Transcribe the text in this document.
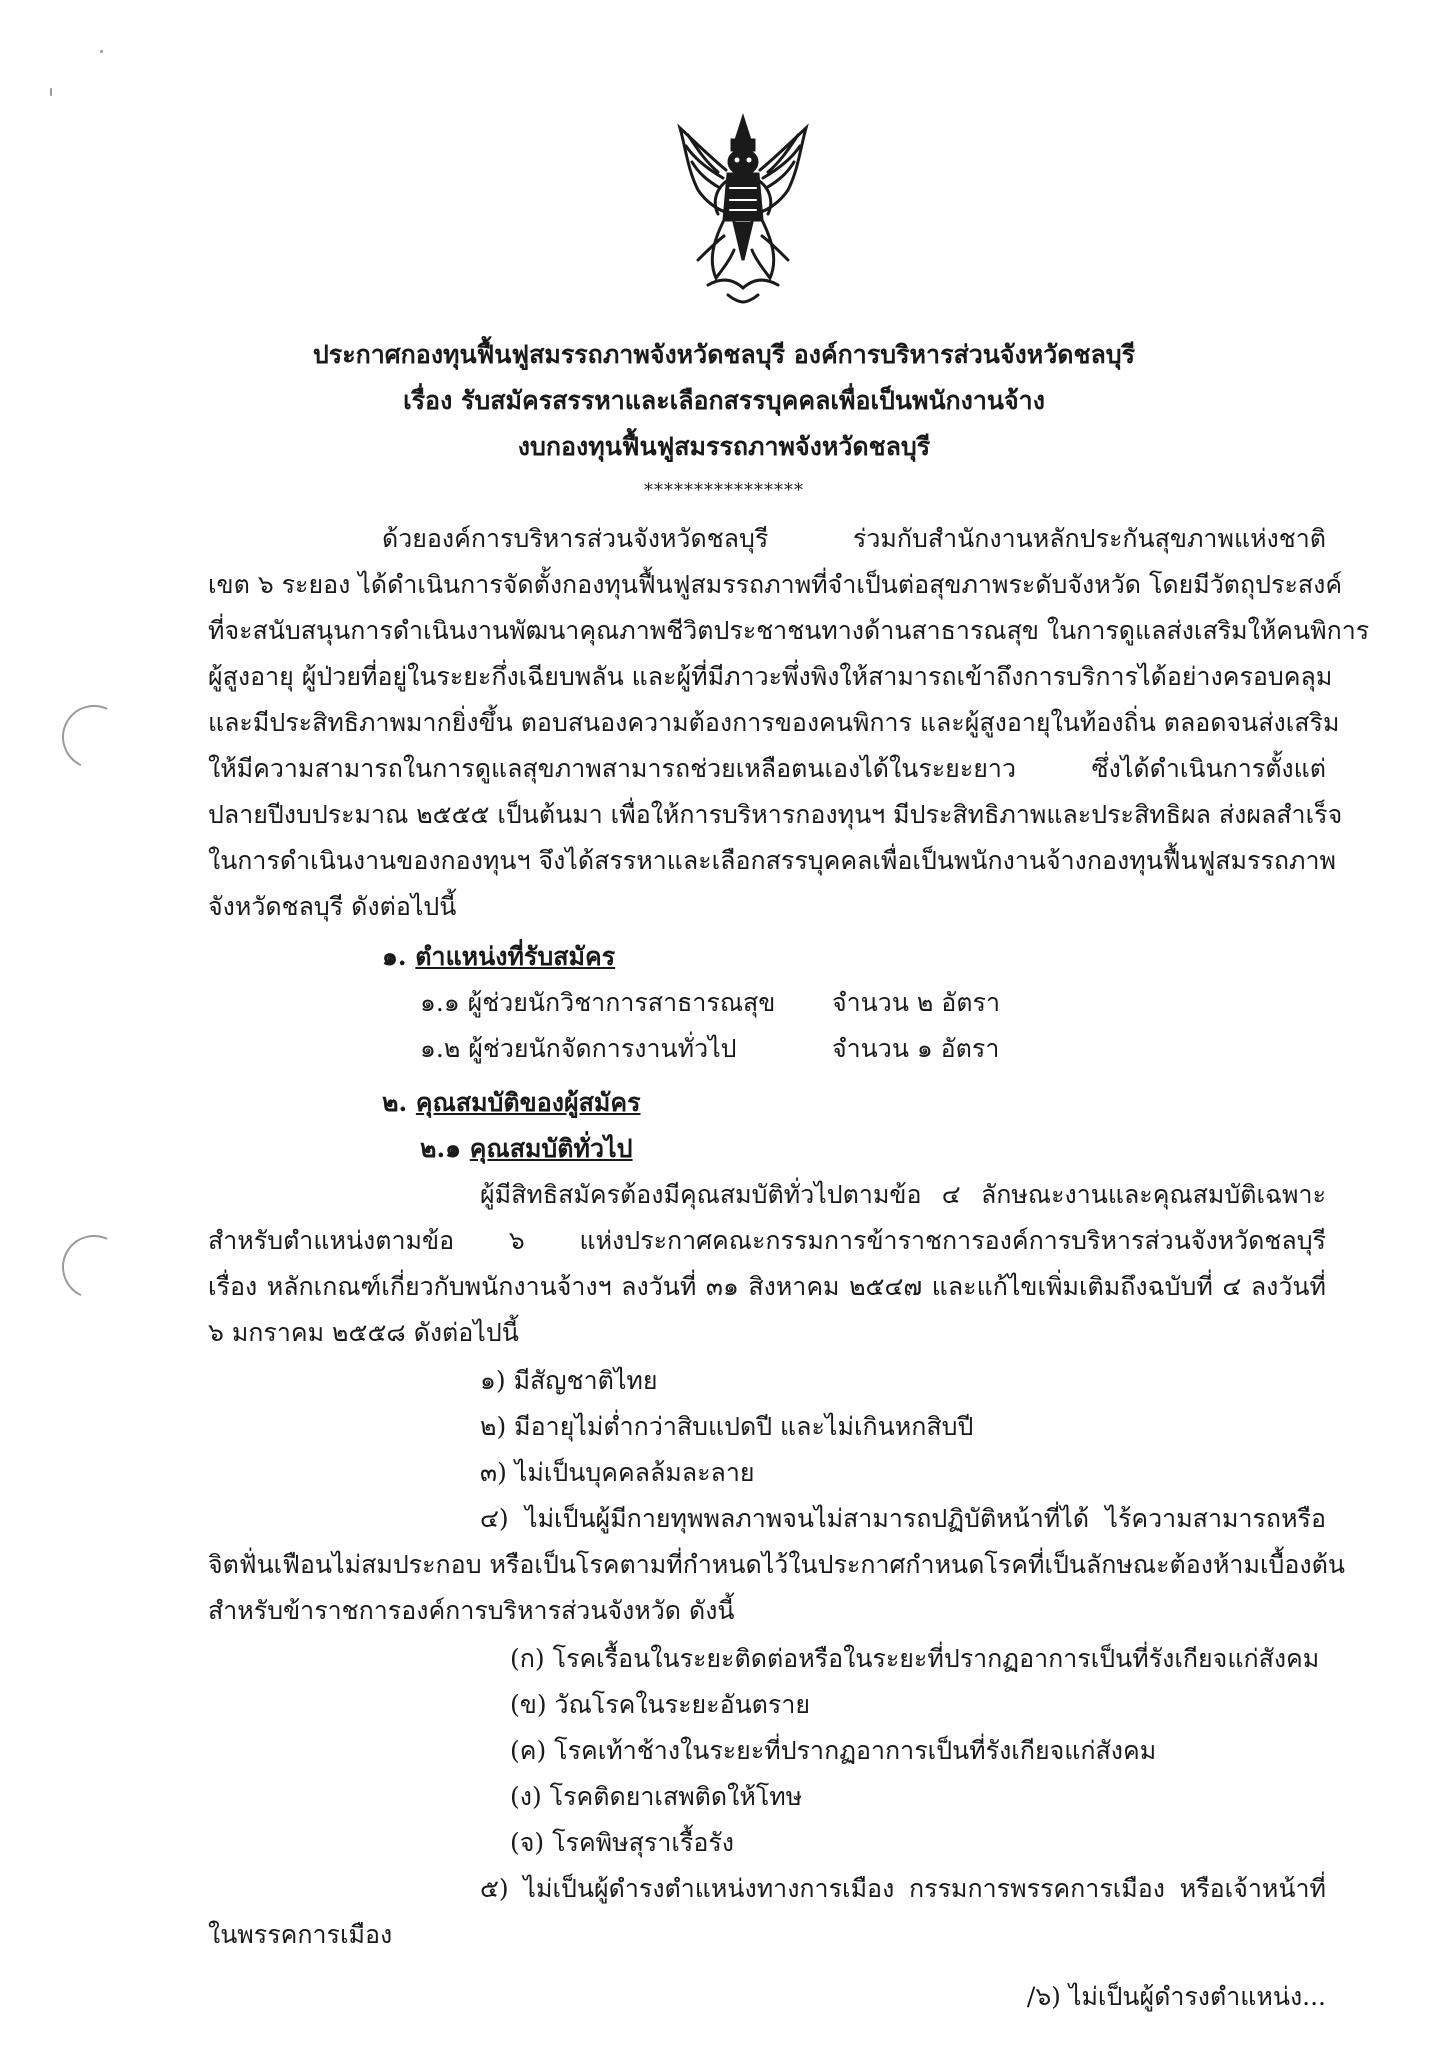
ประกาศกองทุนฟื้นฟูสมรรถภาพจังหวัดชลบุรี องค์การบริหารส่วนจังหวัดชลบุรี
เรื่อง รับสมัครสรรหาและเลือกสรรบุคคลเพื่อเป็นพนักงานจ้าง
งบกองทุนฟื้นฟูสมรรถภาพจังหวัดชลบุรี
****************
ด้วยองค์การบริหารส่วนจังหวัดชลบุรี ร่วมกับสำนักงานหลักประกันสุขภาพแห่งชาติ
เขต ๖ ระยอง ได้ดำเนินการจัดตั้งกองทุนฟื้นฟูสมรรถภาพที่จำเป็นต่อสุขภาพระดับจังหวัด โดยมีวัตถุประสงค์
ที่จะสนับสนุนการดำเนินงานพัฒนาคุณภาพชีวิตประชาชนทางด้านสาธารณสุข ในการดูแลส่งเสริมให้คนพิการ
ผู้สูงอายุ ผู้ป่วยที่อยู่ในระยะกึ่งเฉียบพลัน และผู้ที่มีภาวะพึ่งพิงให้สามารถเข้าถึงการบริการได้อย่างครอบคลุม
และมีประสิทธิภาพมากยิ่งขึ้น ตอบสนองความต้องการของคนพิการ และผู้สูงอายุในท้องถิ่น ตลอดจนส่งเสริม
ให้มีความสามารถในการดูแลสุขภาพสามารถช่วยเหลือตนเองได้ในระยะยาว ซึ่งได้ดำเนินการตั้งแต่
ปลายปีงบประมาณ ๒๕๕๕ เป็นต้นมา เพื่อให้การบริหารกองทุนฯ มีประสิทธิภาพและประสิทธิผล ส่งผลสำเร็จ
ในการดำเนินงานของกองทุนฯ จึงได้สรรหาและเลือกสรรบุคคลเพื่อเป็นพนักงานจ้างกองทุนฟื้นฟูสมรรถภาพ
จังหวัดชลบุรี ดังต่อไปนี้
๑. ตำแหน่งที่รับสมัคร
๑.๑ ผู้ช่วยนักวิชาการสาธารณสุข จำนวน ๒ อัตรา
๑.๒ ผู้ช่วยนักจัดการงานทั่วไป	จำนวน ๑ อัตรา
๒. คุณสมบัติของผู้สมัคร
๒.๑ คุณสมบัติทั่วไป
ผู้มีสิทธิสมัครต้องมีคุณสมบัติทั่วไปตามข้อ ๔ ลักษณะงานและคุณสมบัติเฉพาะ
สำหรับตำแหน่งตามข้อ ๖ แห่งประกาศคณะกรรมการข้าราชการองค์การบริหารส่วนจังหวัดชลบุรี
เรื่อง หลักเกณฑ์เกี่ยวกับพนักงานจ้างฯ ลงวันที่ ๓๑ สิงหาคม ๒๕๔๗ และแก้ไขเพิ่มเติมถึงฉบับที่ ๔ ลงวันที่
๖ มกราคม ๒๕๕๘ ดังต่อไปนี้
๑) มีสัญชาติไทย
๒) มีอายุไม่ต่ำกว่าสิบแปดปี และไม่เกินหกสิบปี
๓) ไม่เป็นบุคคลล้มละลาย
๔) ไม่เป็นผู้มีกายทุพพลภาพจนไม่สามารถปฏิบัติหน้าที่ได้ ไร้ความสามารถหรือ
จิตฟั่นเฟือนไม่สมประกอบ หรือเป็นโรคตามที่กำหนดไว้ในประกาศกำหนดโรคที่เป็นลักษณะต้องห้ามเบื้องต้น
สำหรับข้าราชการองค์การบริหารส่วนจังหวัด ดังนี้
(ก) โรคเรื้อนในระยะติดต่อหรือในระยะที่ปรากฏอาการเป็นที่รังเกียจแก่สังคม
(ข) วัณโรคในระยะอันตราย
(ค) โรคเท้าช้างในระยะที่ปรากฏอาการเป็นที่รังเกียจแก่สังคม
(ง) โรคติดยาเสพติดให้โทษ
(จ) โรคพิษสุราเรื้อรัง
๕) ไม่เป็นผู้ดำรงตำแหน่งทางการเมือง กรรมการพรรคการเมือง หรือเจ้าหน้าที่
ในพรรคการเมือง
/๖) ไม่เป็นผู้ดำรงตำแหน่ง...
